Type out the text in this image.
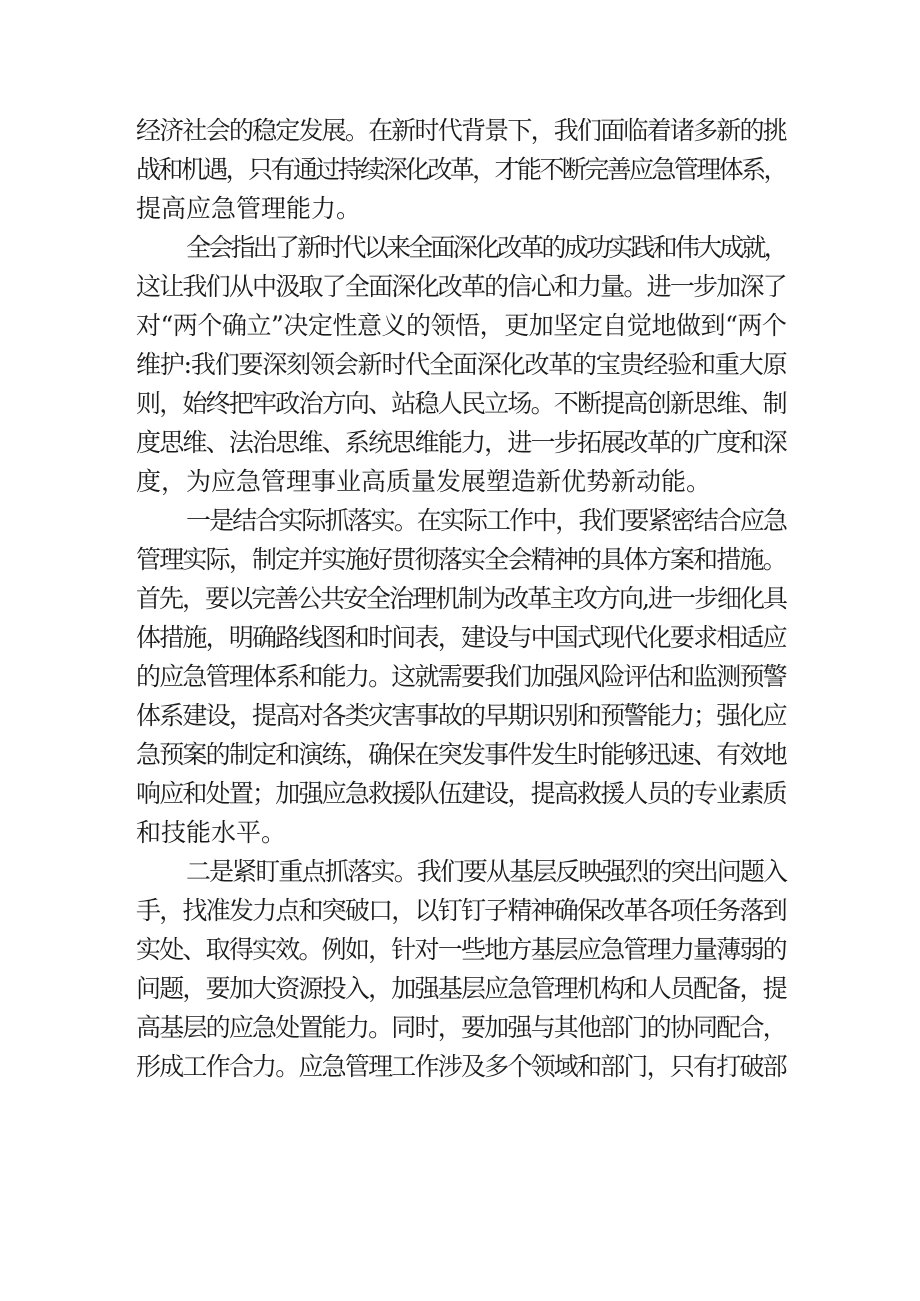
经济社会的稳定发展。在新时代背景下，我们面临着诸多新的挑
战和机遇，只有通过持续深化改革，才能不断完善应急管理体系，
提高应急管理能力。

全会指出了新时代以来全面深化改革的成功实践和伟大成就，
这让我们从中汲取了全面深化改革的信心和力量。进一步加深了
对“两个确立”决定性意义的领悟，更加坚定自觉地做到“两个
维护:我们要深刻领会新时代全面深化改革的宝贵经验和重大原
则，始终把牢政治方向、站稳人民立场。不断提高创新思维、制
度思维、法治思维、系统思维能力，进一步拓展改革的广度和深
度，为应急管理事业高质量发展塑造新优势新动能。

一是结合实际抓落实。在实际工作中，我们要紧密结合应急
管理实际，制定并实施好贯彻落实全会精神的具体方案和措施。
首先，要以完善公共安全治理机制为改革主攻方向,进一步细化具
体措施，明确路线图和时间表，建设与中国式现代化要求相适应
的应急管理体系和能力。这就需要我们加强风险评估和监测预警
体系建设，提高对各类灾害事故的早期识别和预警能力；强化应
急预案的制定和演练，确保在突发事件发生时能够迅速、有效地
响应和处置；加强应急救援队伍建设，提高救援人员的专业素质
和技能水平。

二是紧盯重点抓落实。我们要从基层反映强烈的突出问题入
手，找准发力点和突破口，以钉钉子精神确保改革各项任务落到
实处、取得实效。例如，针对一些地方基层应急管理力量薄弱的
问题，要加大资源投入，加强基层应急管理机构和人员配备，提
高基层的应急处置能力。同时，要加强与其他部门的协同配合，
形成工作合力。应急管理工作涉及多个领域和部门，只有打破部
